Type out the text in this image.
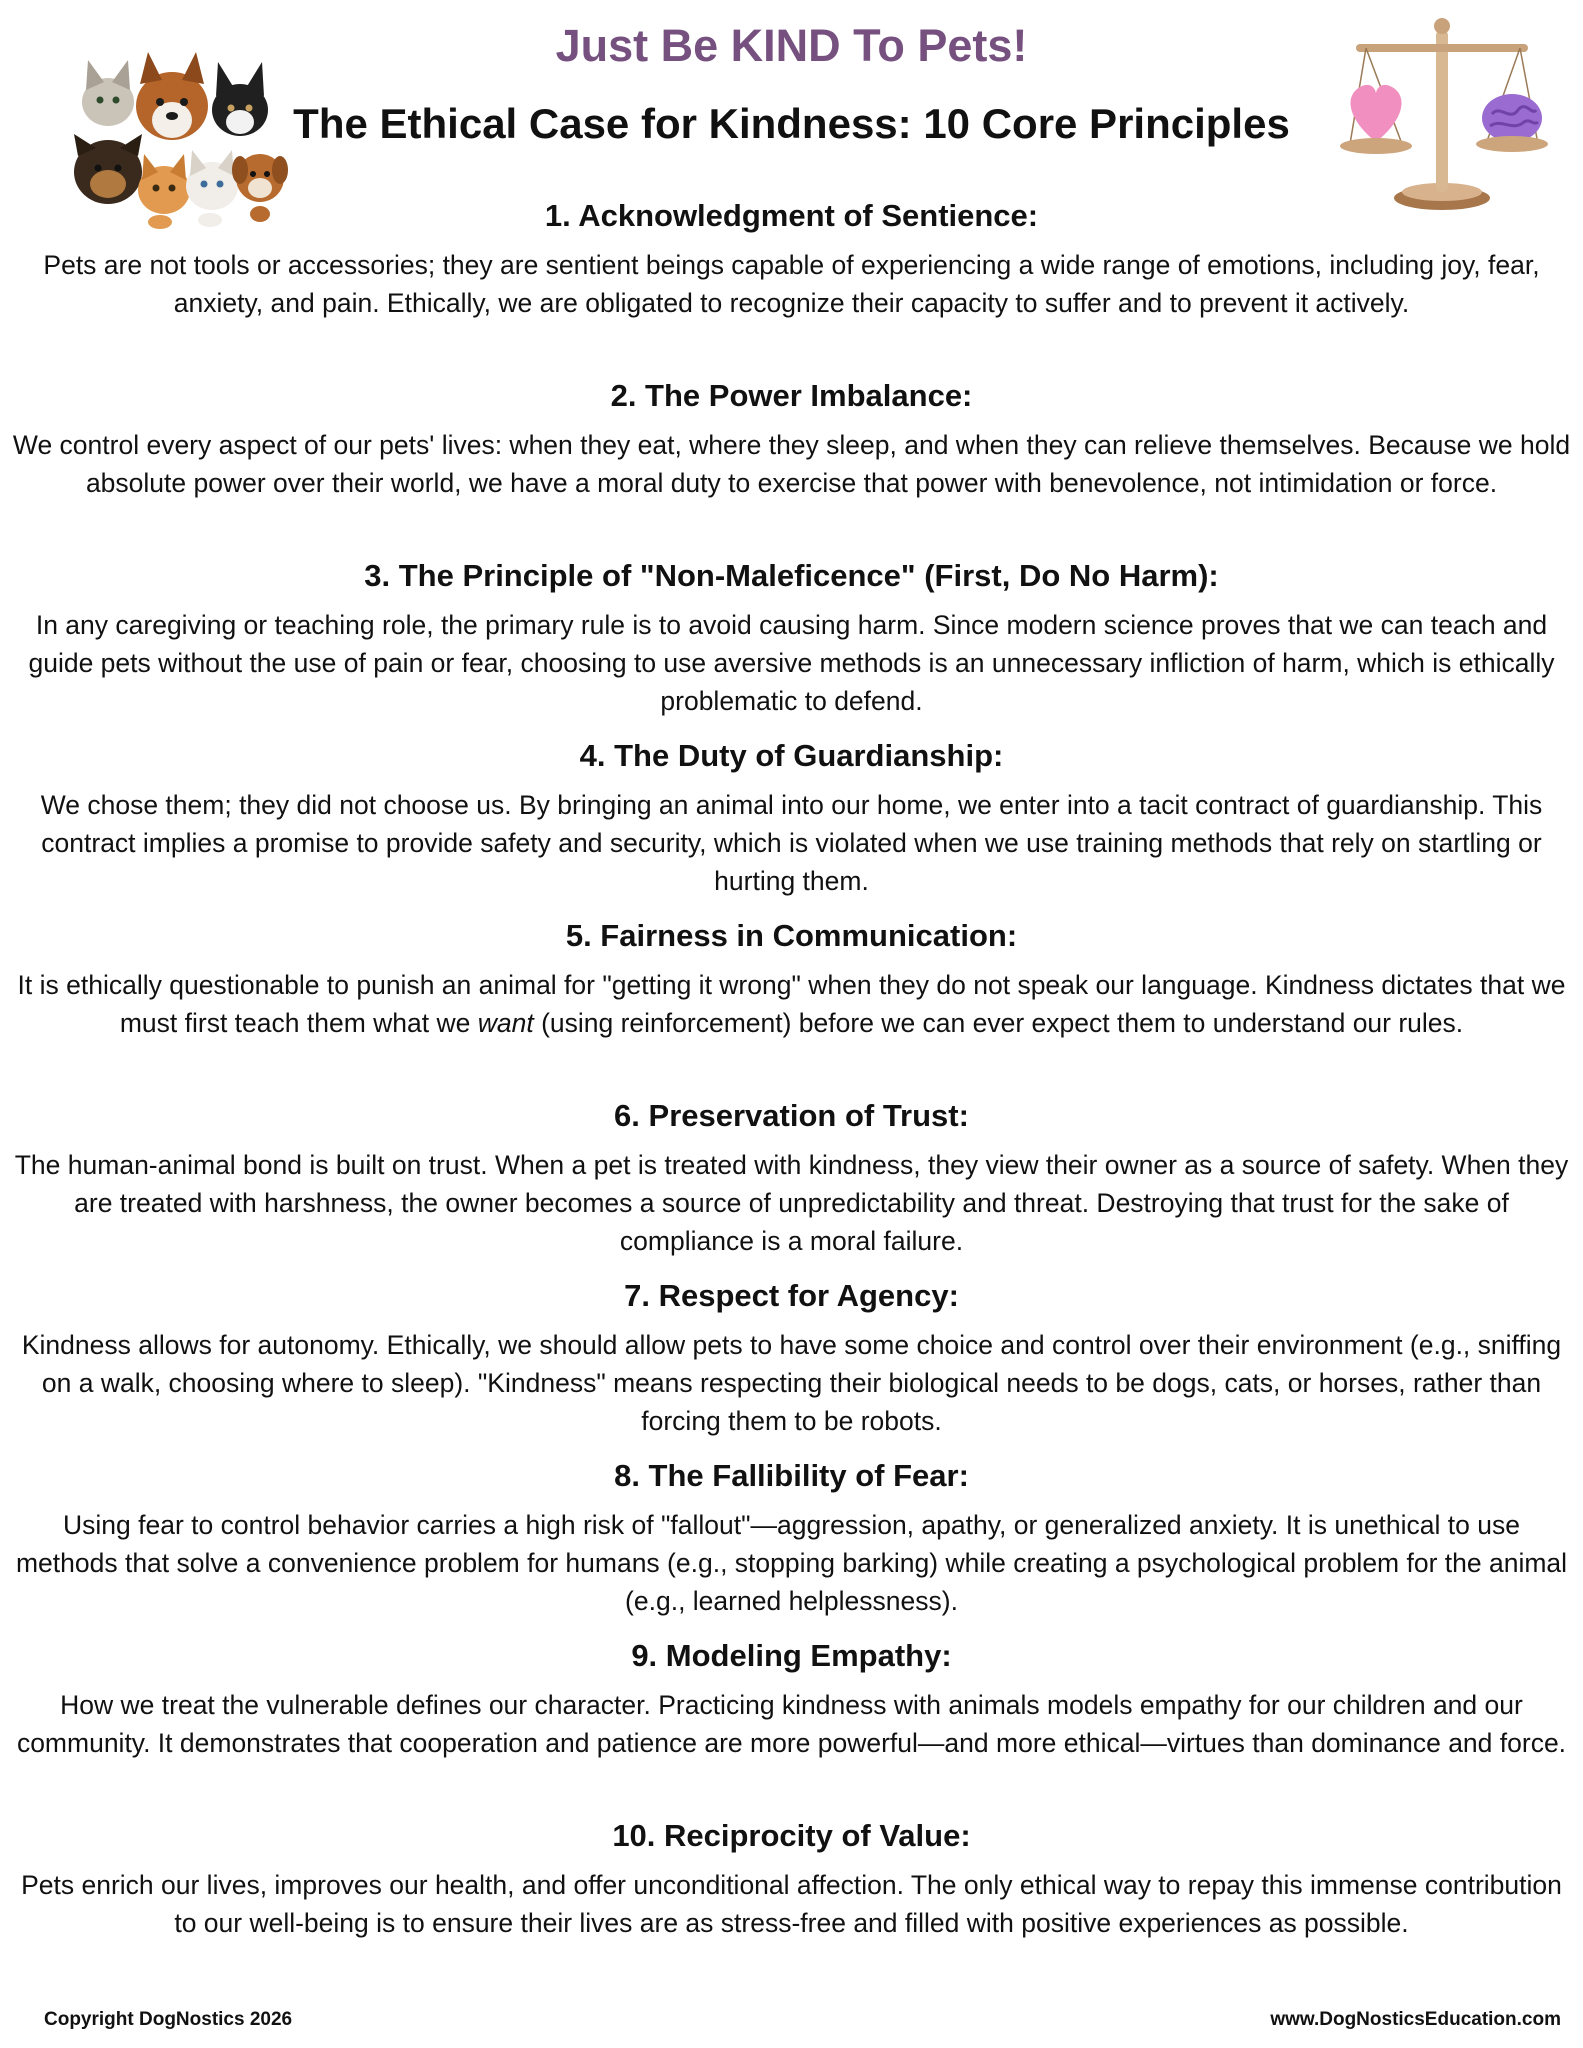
Just Be KIND To Pets!
The Ethical Case for Kindness: 10 Core Principles
1. Acknowledgment of Sentience:
Pets are not tools or accessories; they are sentient beings capable of experiencing a wide range of emotions, including joy, fear, anxiety, and pain. Ethically, we are obligated to recognize their capacity to suffer and to prevent it actively.
2. The Power Imbalance:
We control every aspect of our pets' lives: when they eat, where they sleep, and when they can relieve themselves. Because we hold absolute power over their world, we have a moral duty to exercise that power with benevolence, not intimidation or force.
3. The Principle of "Non-Maleficence" (First, Do No Harm):
In any caregiving or teaching role, the primary rule is to avoid causing harm. Since modern science proves that we can teach and guide pets without the use of pain or fear, choosing to use aversive methods is an unnecessary infliction of harm, which is ethically problematic to defend.
4. The Duty of Guardianship:
We chose them; they did not choose us. By bringing an animal into our home, we enter into a tacit contract of guardianship. This contract implies a promise to provide safety and security, which is violated when we use training methods that rely on startling or hurting them.
5. Fairness in Communication:
It is ethically questionable to punish an animal for "getting it wrong" when they do not speak our language. Kindness dictates that we must first teach them what we want (using reinforcement) before we can ever expect them to understand our rules.
6. Preservation of Trust:
The human-animal bond is built on trust. When a pet is treated with kindness, they view their owner as a source of safety. When they are treated with harshness, the owner becomes a source of unpredictability and threat. Destroying that trust for the sake of compliance is a moral failure.
7. Respect for Agency:
Kindness allows for autonomy. Ethically, we should allow pets to have some choice and control over their environment (e.g., sniffing on a walk, choosing where to sleep). "Kindness" means respecting their biological needs to be dogs, cats, or horses, rather than forcing them to be robots.
8. The Fallibility of Fear:
Using fear to control behavior carries a high risk of "fallout"—aggression, apathy, or generalized anxiety. It is unethical to use methods that solve a convenience problem for humans (e.g., stopping barking) while creating a psychological problem for the animal (e.g., learned helplessness).
9. Modeling Empathy:
How we treat the vulnerable defines our character. Practicing kindness with animals models empathy for our children and our community. It demonstrates that cooperation and patience are more powerful—and more ethical—virtues than dominance and force.
10. Reciprocity of Value:
Pets enrich our lives, improves our health, and offer unconditional affection. The only ethical way to repay this immense contribution to our well-being is to ensure their lives are as stress-free and filled with positive experiences as possible.
Copyright DogNostics 2026	www.DogNosticsEducation.com
